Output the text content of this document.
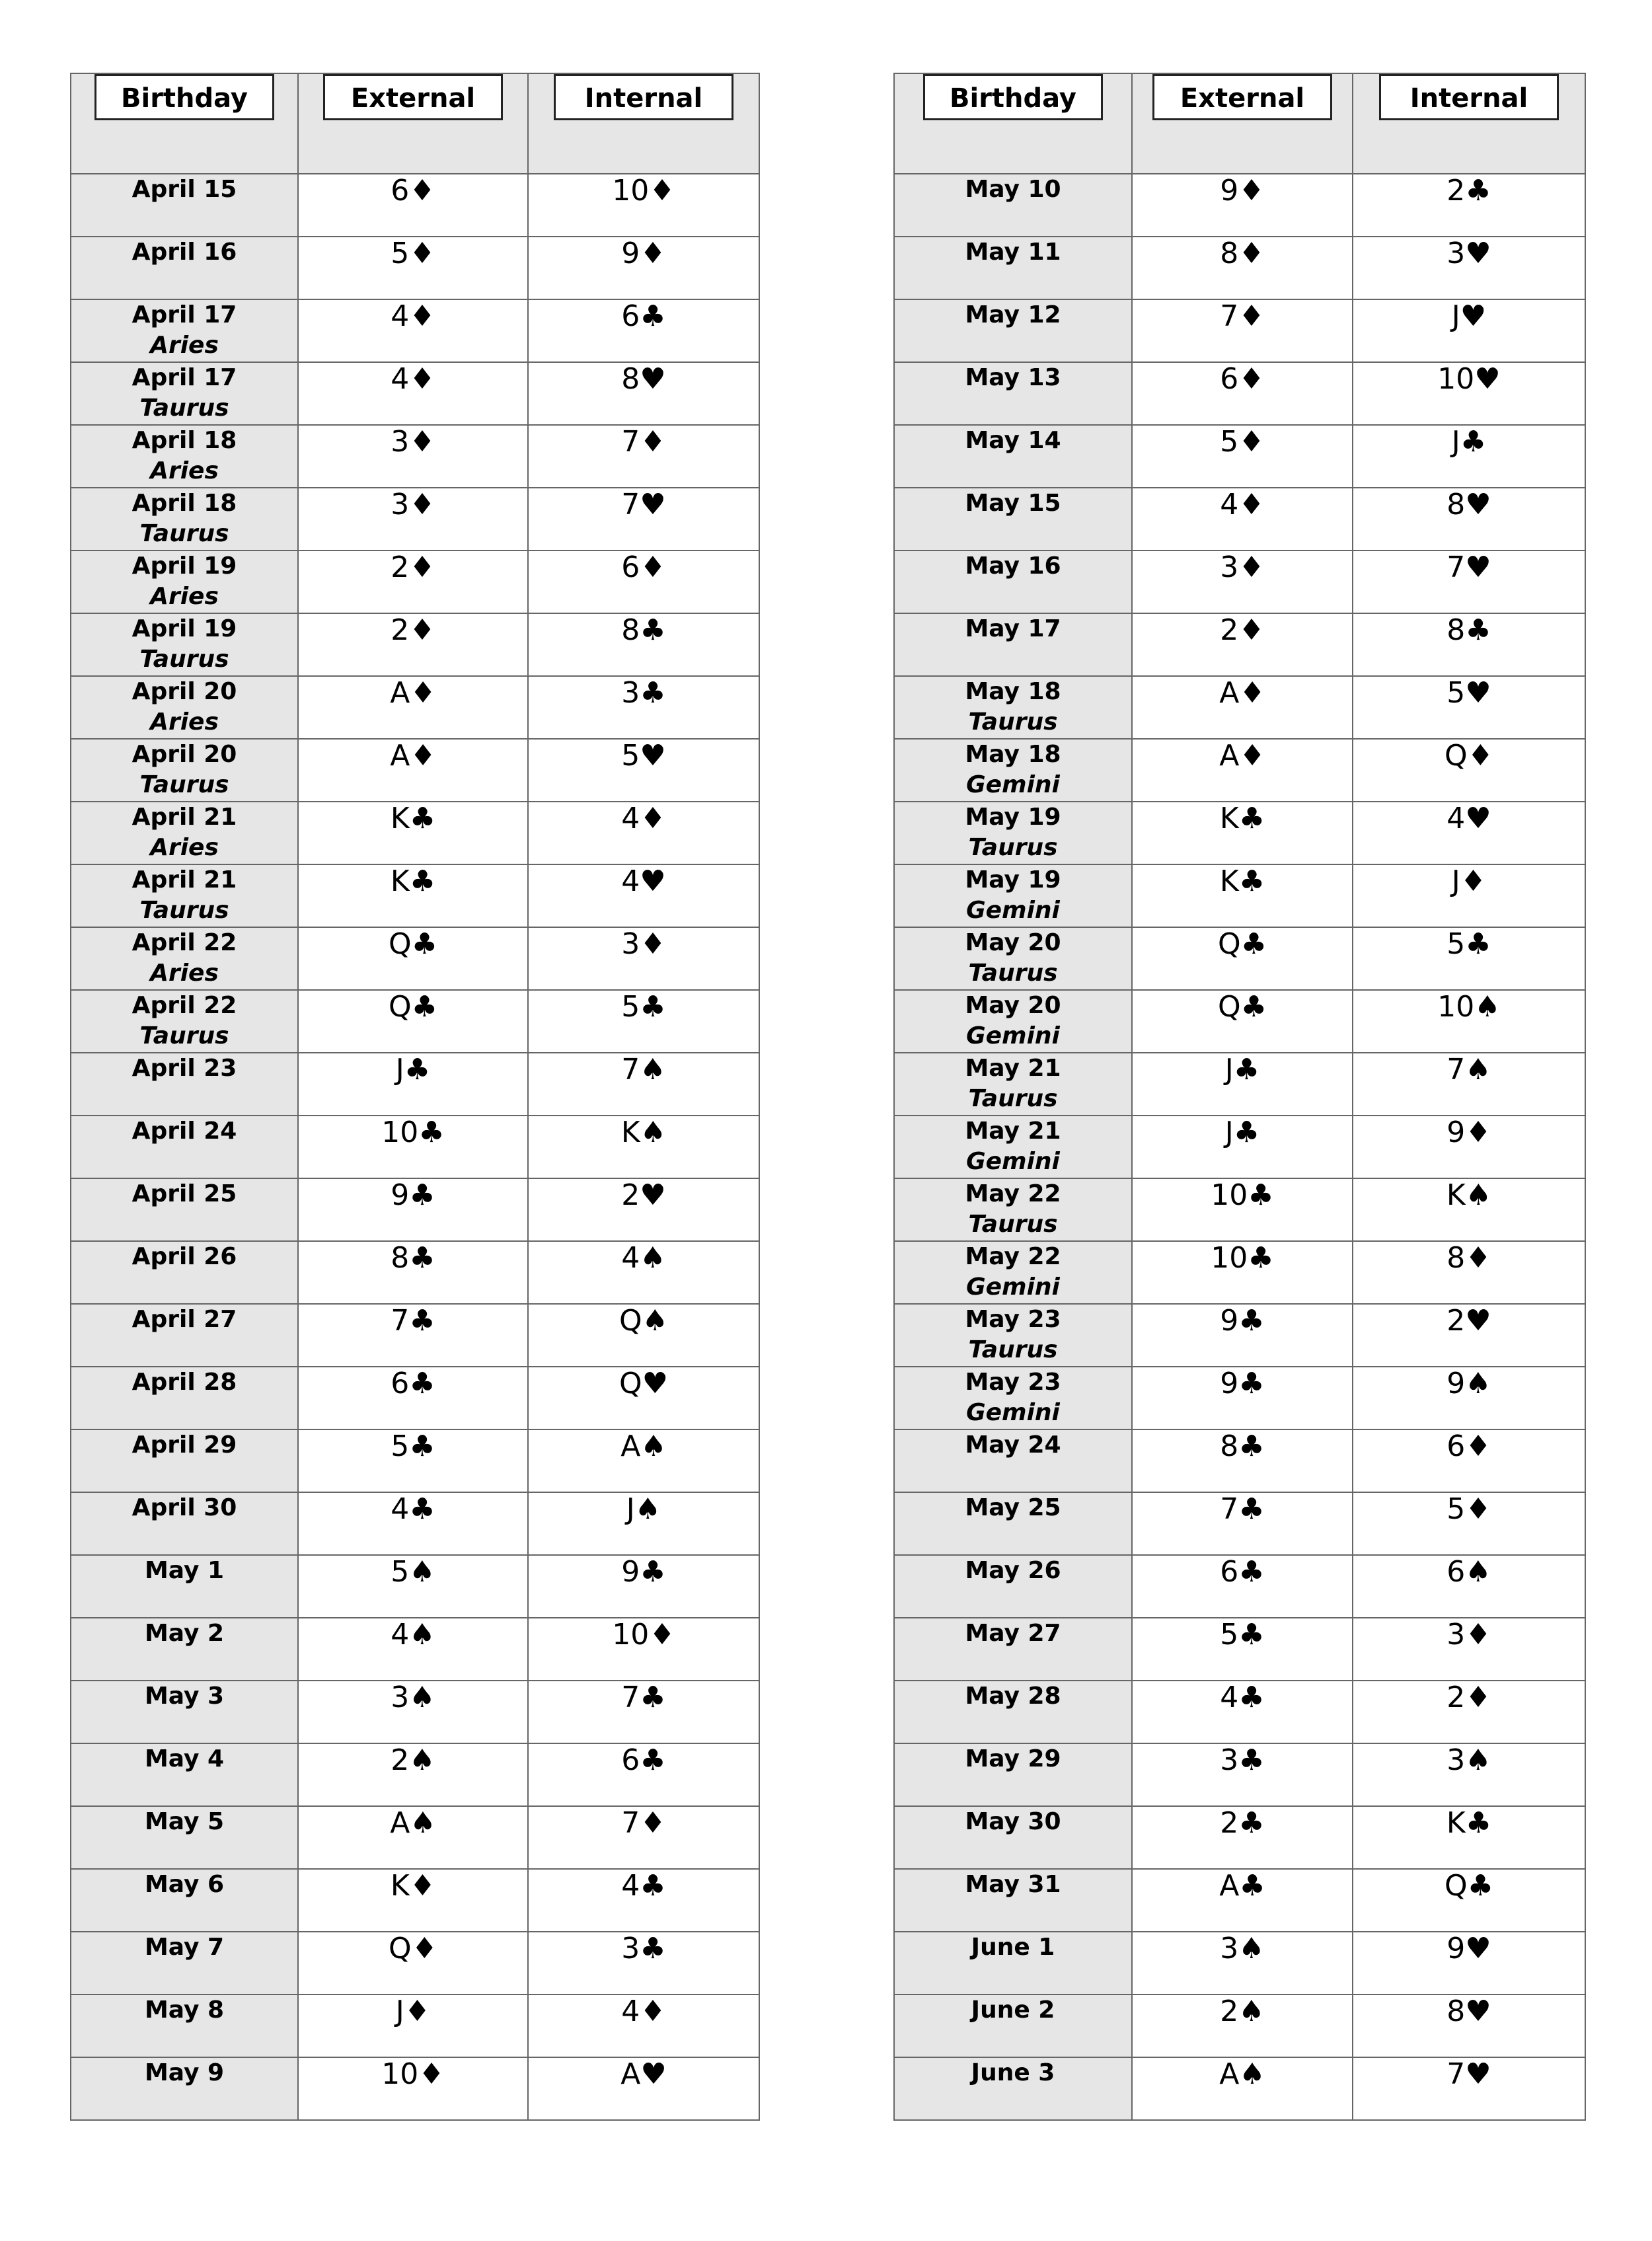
Birthday	External	Internal

April 15	6♦	10♦

April 16	5♦	9♦

April 17
Aries	4♦	6♣

April 17
Taurus	4♦	8♥

April 18
Aries	3♦	7♦

April 18
Taurus	3♦	7♥

April 19
Aries	2♦	6♦

April 19
Taurus	2♦	8♣

April 20
Aries	A♦	3♣

April 20
Taurus	A♦	5♥

April 21
Aries	K♣	4♦

April 21
Taurus	K♣	4♥

April 22
Aries	Q♣	3♦

April 22
Taurus	Q♣	5♣

April 23	J♣	7♠

April 24	10♣	K♠

April 25	9♣	2♥

April 26	8♣	4♠

April 27	7♣	Q♠

April 28	6♣	Q♥

April 29	5♣	A♠

April 30	4♣	J♠

May 1	5♠	9♣

May 2	4♠	10♦

May 3	3♠	7♣

May 4	2♠	6♣

May 5	A♠	7♦

May 6	K♦	4♣

May 7	Q♦	3♣

May 8	J♦	4♦

May 9	10♦	A♥
Birthday	External	Internal

May 10	9♦	2♣

May 11	8♦	3♥

May 12	7♦	J♥

May 13	6♦	10♥

May 14	5♦	J♣

May 15	4♦	8♥

May 16	3♦	7♥

May 17	2♦	8♣

May 18
Taurus	A♦	5♥

May 18
Gemini	A♦	Q♦

May 19
Taurus	K♣	4♥

May 19
Gemini	K♣	J♦

May 20
Taurus	Q♣	5♣

May 20
Gemini	Q♣	10♠

May 21
Taurus	J♣	7♠

May 21
Gemini	J♣	9♦

May 22
Taurus	10♣	K♠

May 22
Gemini	10♣	8♦

May 23
Taurus	9♣	2♥

May 23
Gemini	9♣	9♠

May 24	8♣	6♦

May 25	7♣	5♦

May 26	6♣	6♠

May 27	5♣	3♦

May 28	4♣	2♦

May 29	3♣	3♠

May 30	2♣	K♣

May 31	A♣	Q♣

June 1	3♠	9♥

June 2	2♠	8♥

June 3	A♠	7♥
